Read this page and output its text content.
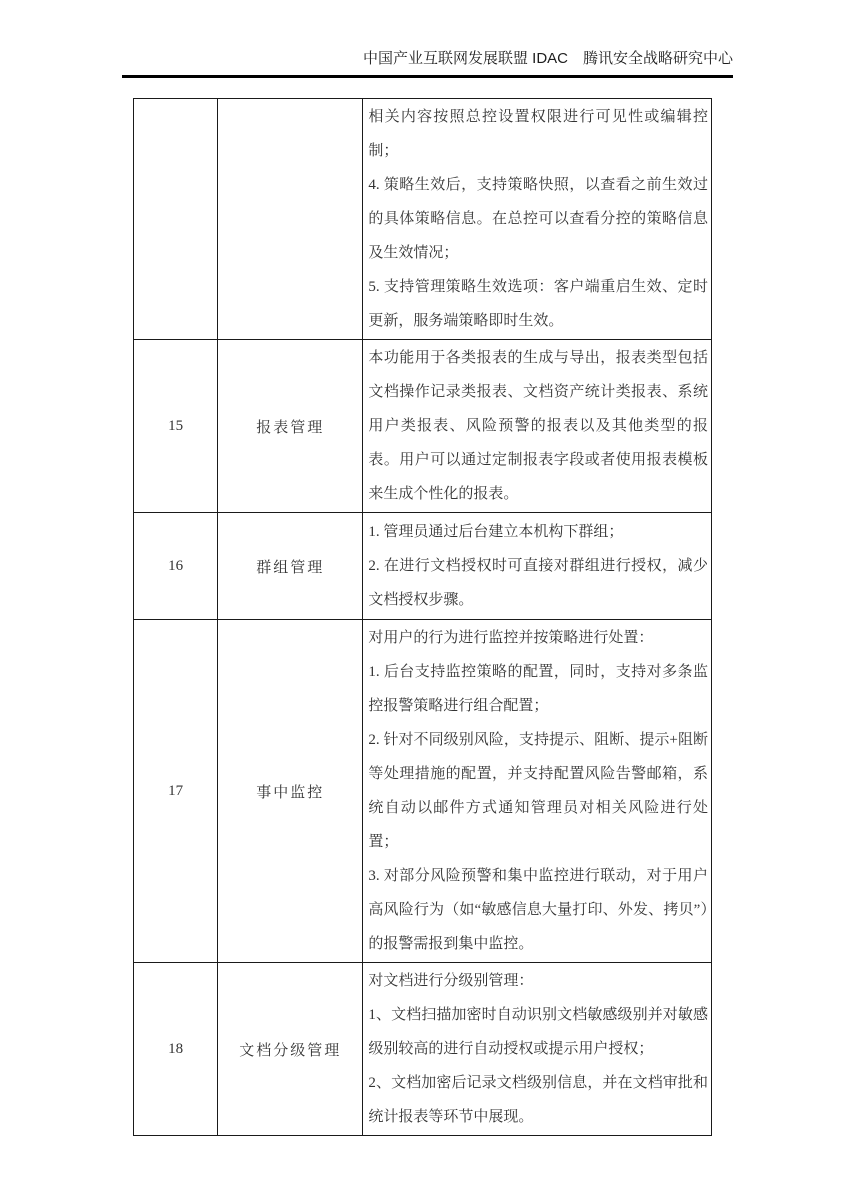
中国产业互联网发展联盟 IDAC　腾讯安全战略研究中心

		相关内容按照总控设置权限进行可见性或编辑控制；

4. 策略生效后，支持策略快照，以查看之前生效过的具体策略信息。在总控可以查看分控的策略信息及生效情况；

5. 支持管理策略生效选项：客户端重启生效、定时更新，服务端策略即时生效。

15	报表管理	本功能用于各类报表的生成与导出，报表类型包括文档操作记录类报表、文档资产统计类报表、系统用户类报表、风险预警的报表以及其他类型的报表。用户可以通过定制报表字段或者使用报表模板来生成个性化的报表。

16	群组管理	1. 管理员通过后台建立本机构下群组；

2. 在进行文档授权时可直接对群组进行授权，减少文档授权步骤。

17	事中监控	对用户的行为进行监控并按策略进行处置：

1. 后台支持监控策略的配置，同时，支持对多条监控报警策略进行组合配置；

2. 针对不同级别风险，支持提示、阻断、提示+阻断等处理措施的配置，并支持配置风险告警邮箱，系统自动以邮件方式通知管理员对相关风险进行处置；

3. 对部分风险预警和集中监控进行联动，对于用户高风险行为（如“敏感信息大量打印、外发、拷贝”）的报警需报到集中监控。

18	文档分级管理	对文档进行分级别管理：

1、文档扫描加密时自动识别文档敏感级别并对敏感级别较高的进行自动授权或提示用户授权；

2、文档加密后记录文档级别信息，并在文档审批和统计报表等环节中展现。
